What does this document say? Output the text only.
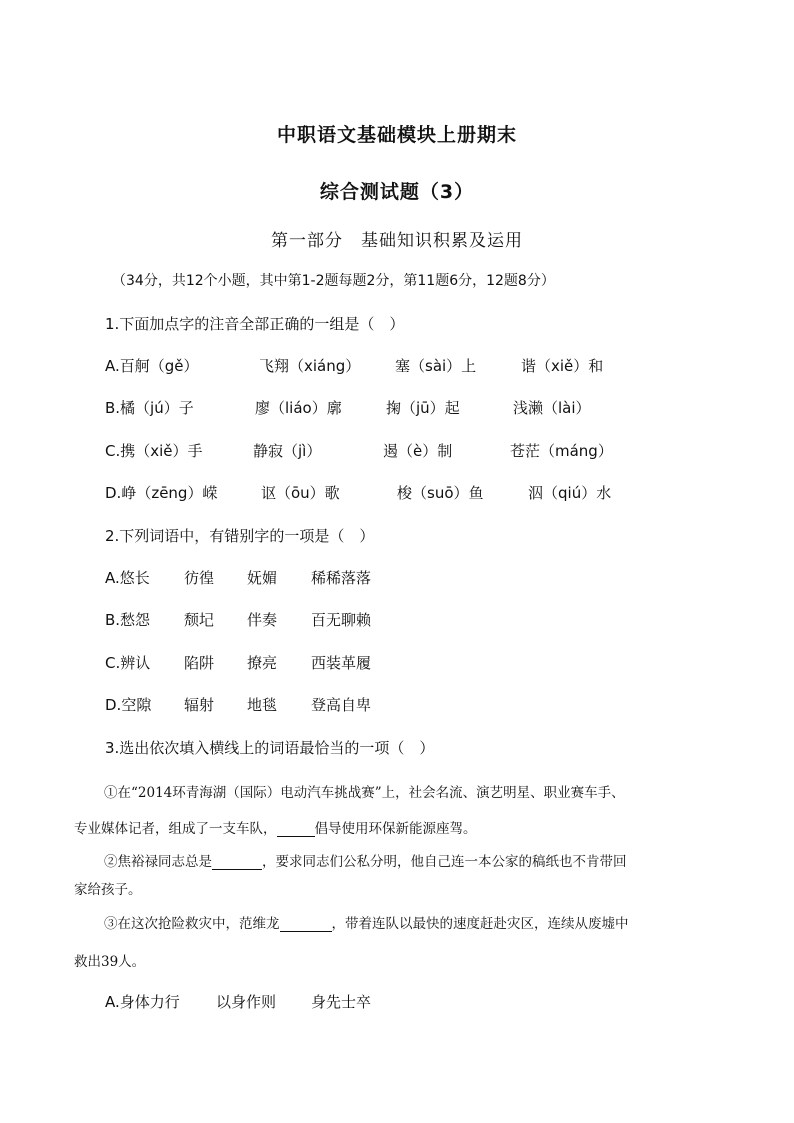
中职语文基础模块上册期末
综合测试题（3）
第一部分　基础知识积累及运用
（34分，共12个小题，其中第1-2题每题2分，第11题6分，12题8分）
1.下面加点字的注音全部正确的一组是（　）
A.百舸（gě）	飞翔（xiáng） 塞（sài）上	谐（xiě）和
B.橘（jú）子	廖（liáo）廓	掬（jū）起	浅濑（lài）
C.携（xiě）手	静寂（jì）	遏（è）制	苍茫（máng）
D.峥（zēng）嵘	讴（ōu）歌	梭（suō）鱼	泅（qiú）水
2.下列词语中，有错别字的一项是（　）
A.悠长 彷徨 妩媚 稀稀落落
B.愁怨 颓圮 伴奏 百无聊赖
C.辨认 陷阱 撩亮 西装革履
D.空隙 辐射 地毯 登高自卑
3.选出依次填入横线上的词语最恰当的一项（　）
①在“2014环青海湖（国际）电动汽车挑战赛”上，社会名流、演艺明星、职业赛车手、
专业媒体记者，组成了一支车队，	倡导使用环保新能源座驾。
②焦裕禄同志总是	，要求同志们公私分明，他自己连一本公家的稿纸也不肯带回
家给孩子。
③在这次抢险救灾中，范维龙	，带着连队以最快的速度赶赴灾区，连续从废墟中
救出39人。
A.身体力行 以身作则 身先士卒
